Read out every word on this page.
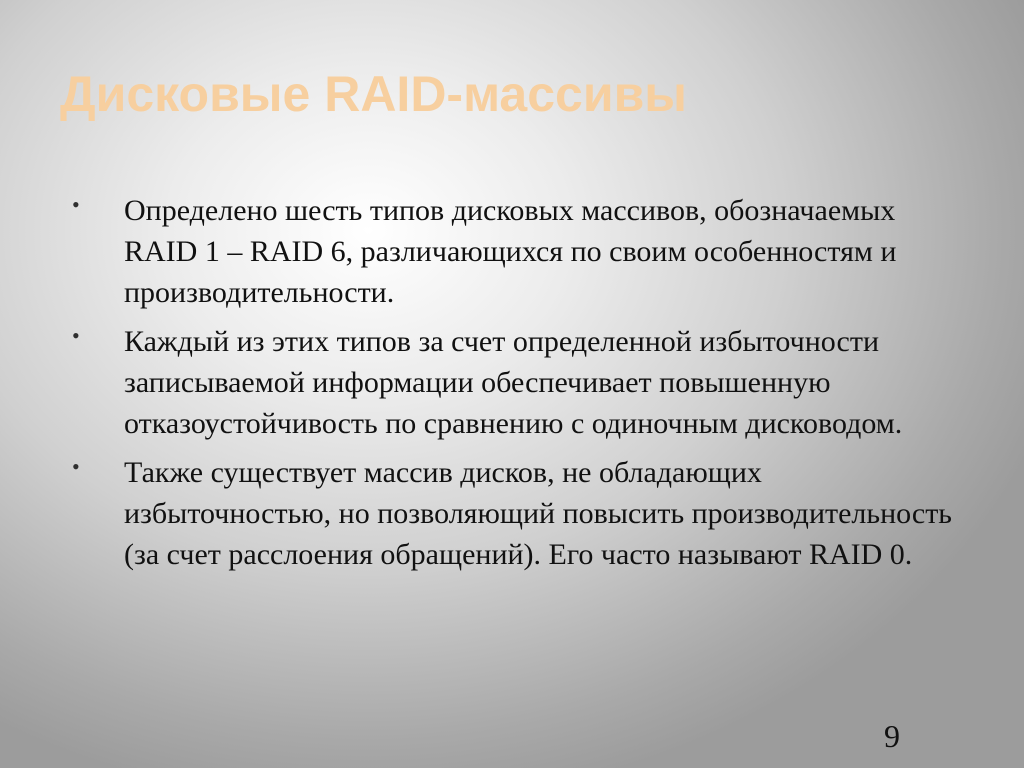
Дисковые RAID-массивы
• Определено шесть типов дисковых массивов, обозначаемых RAID 1 – RAID 6, различающихся по своим особенностям и производительности.
• Каждый из этих типов за счет определенной избыточности записываемой информации обеспечивает повышенную отказоустойчивость по сравнению с одиночным дисководом.
• Также существует массив дисков, не обладающих избыточностью, но позволяющий повысить производительность (за счет расслоения обращений). Его часто называют RAID 0.
9
